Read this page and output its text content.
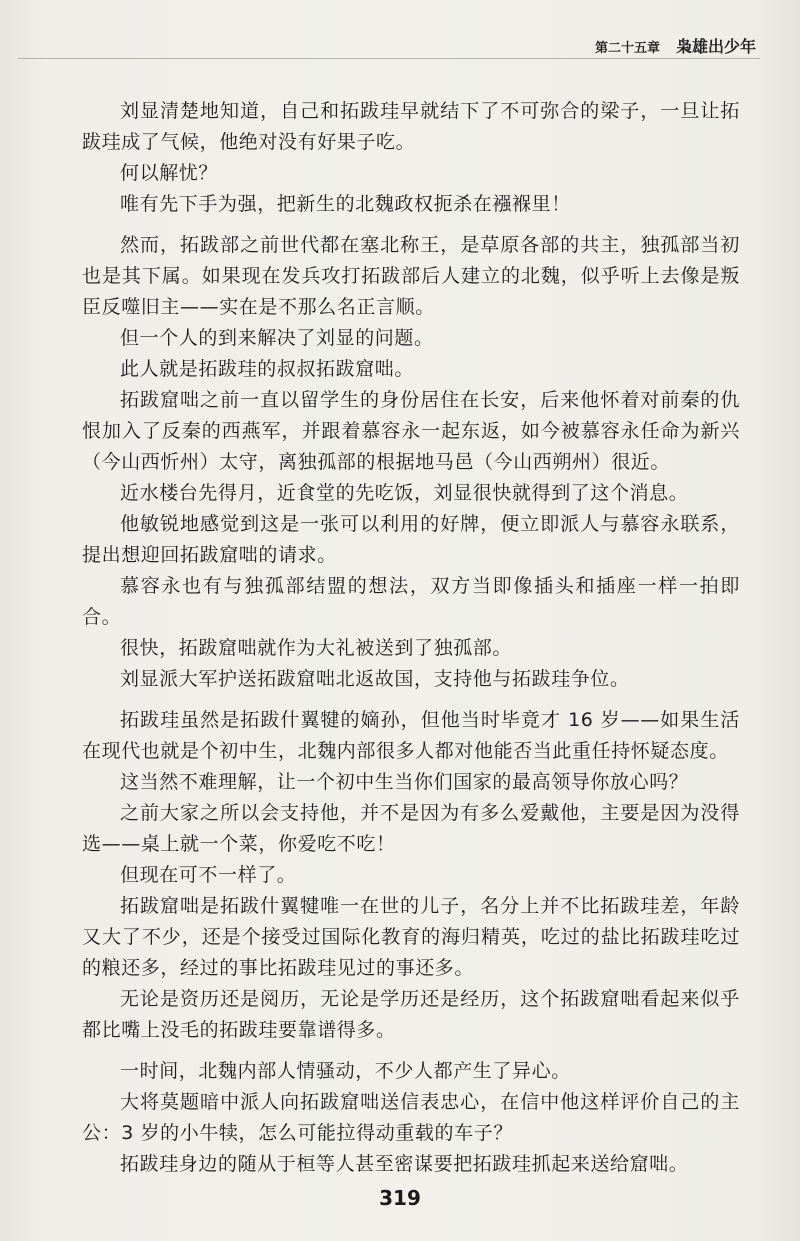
第二十五章 枭雄出少年

刘显清楚地知道，自己和拓跋珪早就结下了不可弥合的梁子，一旦让拓跋珪成了气候，他绝对没有好果子吃。

何以解忧？

唯有先下手为强，把新生的北魏政权扼杀在襁褓里！

然而，拓跋部之前世代都在塞北称王，是草原各部的共主，独孤部当初也是其下属。如果现在发兵攻打拓跋部后人建立的北魏，似乎听上去像是叛臣反噬旧主——实在是不那么名正言顺。

但一个人的到来解决了刘显的问题。

此人就是拓跋珪的叔叔拓跋窟咄。

拓跋窟咄之前一直以留学生的身份居住在长安，后来他怀着对前秦的仇恨加入了反秦的西燕军，并跟着慕容永一起东返，如今被慕容永任命为新兴（今山西忻州）太守，离独孤部的根据地马邑（今山西朔州）很近。

近水楼台先得月，近食堂的先吃饭，刘显很快就得到了这个消息。

他敏锐地感觉到这是一张可以利用的好牌，便立即派人与慕容永联系，提出想迎回拓跋窟咄的请求。

慕容永也有与独孤部结盟的想法，双方当即像插头和插座一样一拍即合。

很快，拓跋窟咄就作为大礼被送到了独孤部。

刘显派大军护送拓跋窟咄北返故国，支持他与拓跋珪争位。

拓跋珪虽然是拓跋什翼犍的嫡孙，但他当时毕竟才 16 岁——如果生活在现代也就是个初中生，北魏内部很多人都对他能否当此重任持怀疑态度。

这当然不难理解，让一个初中生当你们国家的最高领导你放心吗？

之前大家之所以会支持他，并不是因为有多么爱戴他，主要是因为没得选——桌上就一个菜，你爱吃不吃！

但现在可不一样了。

拓跋窟咄是拓跋什翼犍唯一在世的儿子，名分上并不比拓跋珪差，年龄又大了不少，还是个接受过国际化教育的海归精英，吃过的盐比拓跋珪吃过的粮还多，经过的事比拓跋珪见过的事还多。

无论是资历还是阅历，无论是学历还是经历，这个拓跋窟咄看起来似乎都比嘴上没毛的拓跋珪要靠谱得多。

一时间，北魏内部人情骚动，不少人都产生了异心。

大将莫题暗中派人向拓跋窟咄送信表忠心，在信中他这样评价自己的主公：3 岁的小牛犊，怎么可能拉得动重载的车子？

拓跋珪身边的随从于桓等人甚至密谋要把拓跋珪抓起来送给窟咄。

319
